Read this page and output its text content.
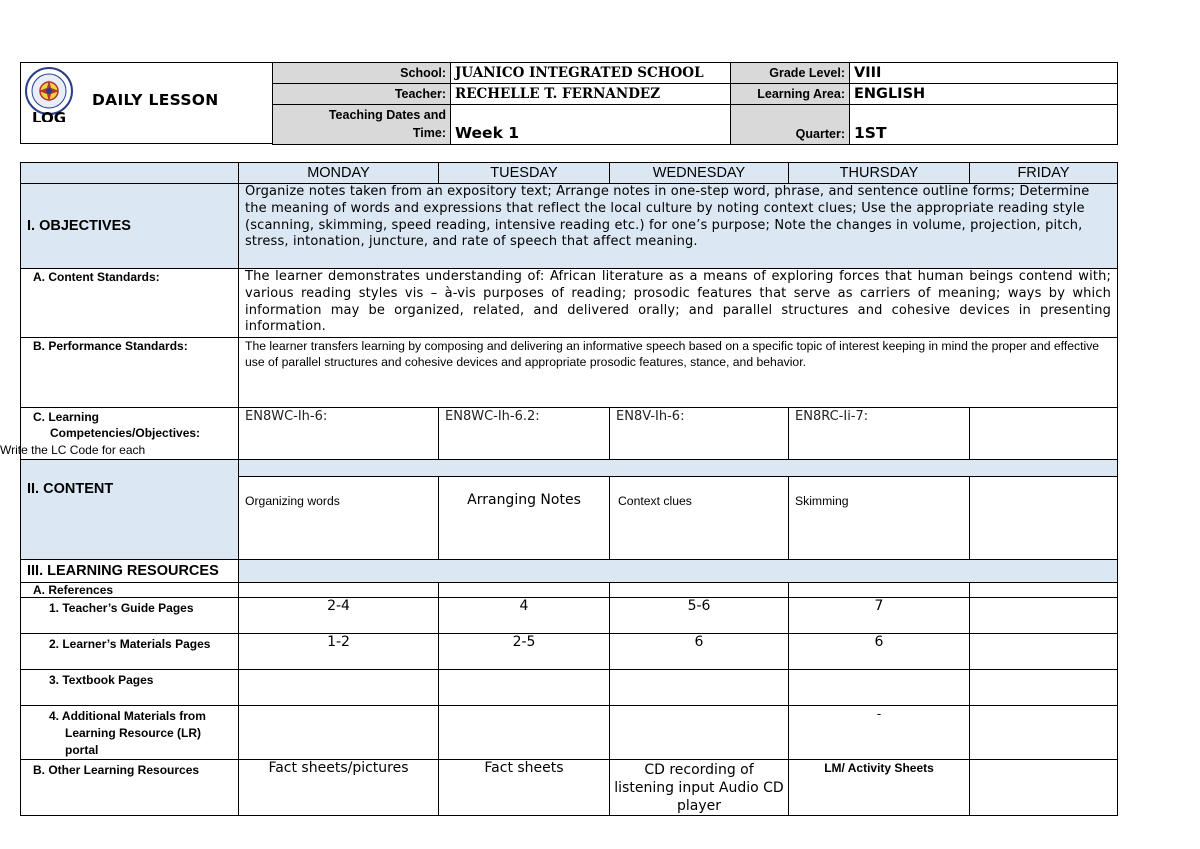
DAILY LESSON
LOG
School:	JUANICO INTEGRATED SCHOOL	Grade Level:	VIII
Teacher:	RECHELLE T. FERNANDEZ	Learning Area:	ENGLISH

Teaching Dates and
Time:	Week 1	Quarter:	1ST
	MONDAY	TUESDAY	WEDNESDAY	THURSDAY	FRIDAY
I. OBJECTIVES	Organize notes taken from an expository text; Arrange notes in one-step word, phrase, and sentence outline forms; Determine the meaning of words and expressions that reflect the local culture by noting context clues; Use the appropriate reading style (scanning, skimming, speed reading, intensive reading etc.) for one’s purpose; Note the changes in volume, projection, pitch, stress, intonation, juncture, and rate of speech that affect meaning.				
A. Content Standards:	The learner demonstrates understanding of: African literature as a means of exploring forces that human beings contend with; various reading styles vis – à-vis purposes of reading; prosodic features that serve as carriers of meaning; ways by which information may be organized, related, and delivered orally; and parallel structures and cohesive devices in presenting information.				
B. Performance Standards:	The learner transfers learning by composing and delivering an informative speech based on a specific topic of interest keeping in mind the proper and effective use of parallel structures and cohesive devices and appropriate prosodic features, stance, and behavior.				

C. Learning
Competencies/Objectives:	EN8WC-Ih-6:	EN8WC-Ih-6.2:	EN8V-Ih-6:	EN8RC-Ii-7:	
II. CONTENT					
	Organizing words	Arranging Notes	Context clues	Skimming	
III. LEARNING RESOURCES					
A. References					
1. Teacher’s Guide Pages	2-4	4	5-6	7	
2. Learner’s Materials Pages	1-2	2-5	6	6	
3. Textbook Pages					

4. Additional Materials from
Learning Resource (LR)
portal				-	
B. Other Learning Resources	Fact sheets/pictures	Fact sheets	CD recording of listening input Audio CD player	LM/ Activity Sheets	
Write the LC Code for each
